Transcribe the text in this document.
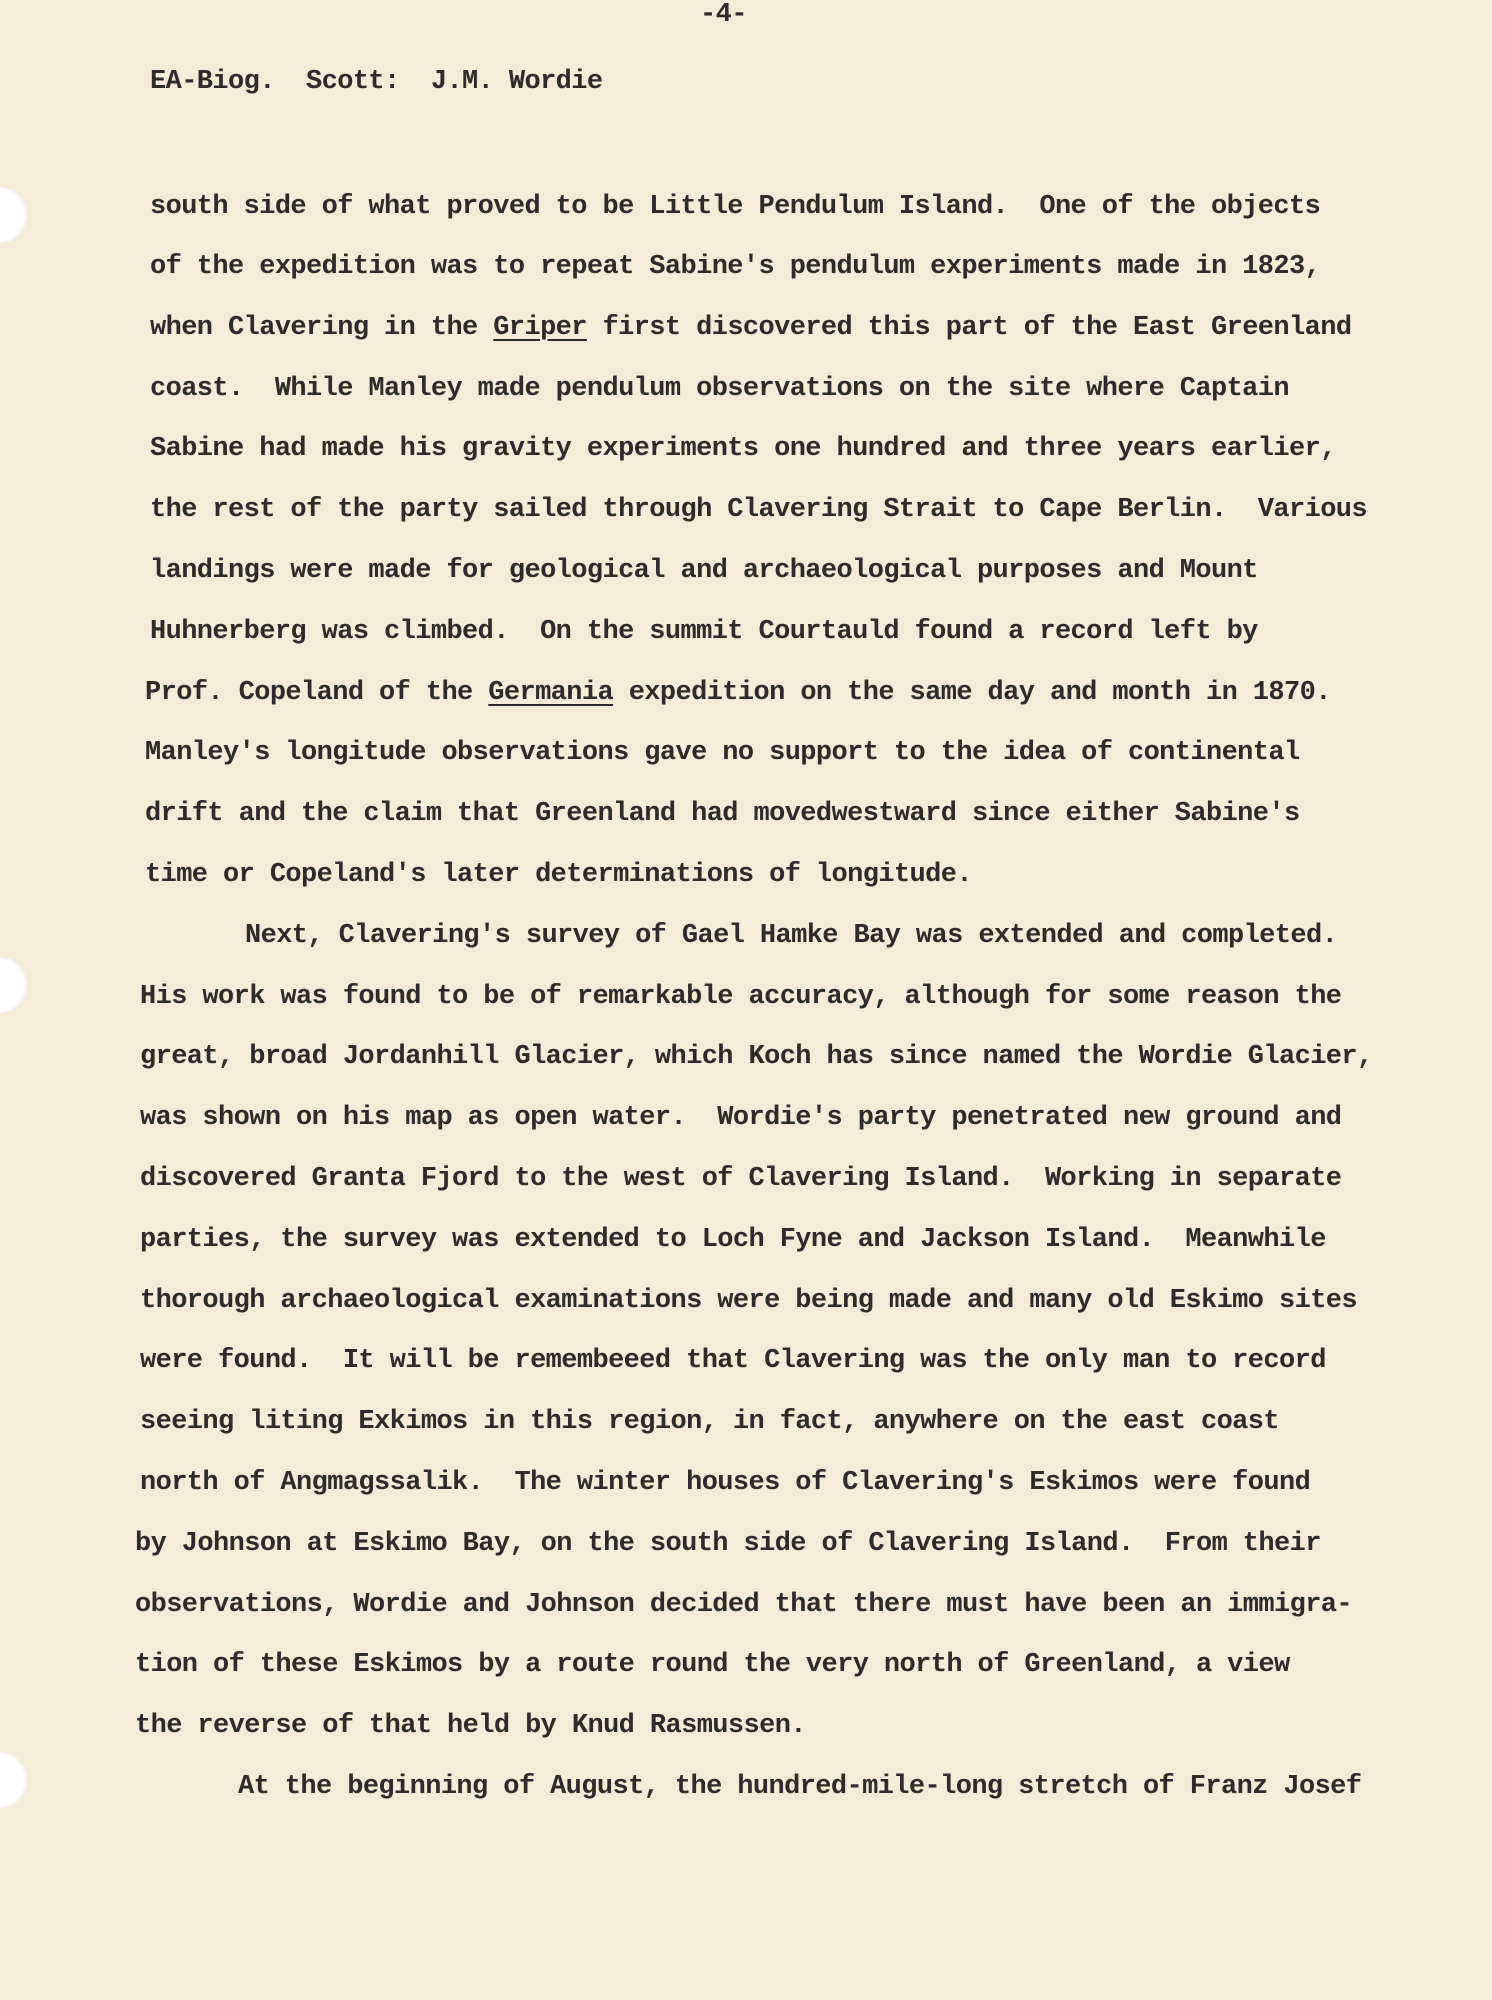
-4-

EA-Biog.  Scott:  J.M. Wordie

south side of what proved to be Little Pendulum Island.  One of the objects

of the expedition was to repeat Sabine's pendulum experiments made in 1823,

when Clavering in the Griper first discovered this part of the East Greenland

coast.  While Manley made pendulum observations on the site where Captain

Sabine had made his gravity experiments one hundred and three years earlier,

the rest of the party sailed through Clavering Strait to Cape Berlin.  Various

landings were made for geological and archaeological purposes and Mount

Huhnerberg was climbed.  On the summit Courtauld found a record left by

Prof. Copeland of the Germania expedition on the same day and month in 1870.

Manley's longitude observations gave no support to the idea of continental

drift and the claim that Greenland had movedwestward since either Sabine's

time or Copeland's later determinations of longitude.

Next, Clavering's survey of Gael Hamke Bay was extended and completed.

His work was found to be of remarkable accuracy, although for some reason the

great, broad Jordanhill Glacier, which Koch has since named the Wordie Glacier,

was shown on his map as open water.  Wordie's party penetrated new ground and

discovered Granta Fjord to the west of Clavering Island.  Working in separate

parties, the survey was extended to Loch Fyne and Jackson Island.  Meanwhile

thorough archaeological examinations were being made and many old Eskimo sites

were found.  It will be remembeeed that Clavering was the only man to record

seeing liting Exkimos in this region, in fact, anywhere on the east coast

north of Angmagssalik.  The winter houses of Clavering's Eskimos were found

by Johnson at Eskimo Bay, on the south side of Clavering Island.  From their

observations, Wordie and Johnson decided that there must have been an immigra-

tion of these Eskimos by a route round the very north of Greenland, a view

the reverse of that held by Knud Rasmussen.

At the beginning of August, the hundred-mile-long stretch of Franz Josef
